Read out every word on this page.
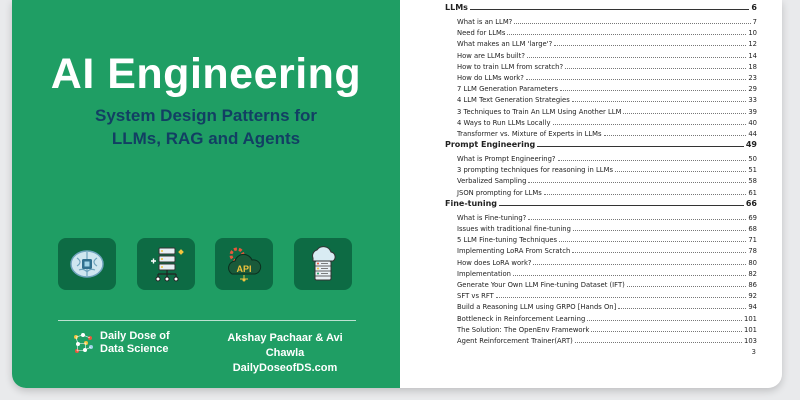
AI Engineering
System Design Patterns for
LLMs, RAG and Agents
API
Daily Dose of
Data Science
Akshay Pachaar & Avi Chawla
DailyDoseofDS.com
LLMs	6
What is an LLM?	7
Need for LLMs	10
What makes an LLM 'large'?	12
How are LLMs built?	14
How to train LLM from scratch?	18
How do LLMs work?	23
7 LLM Generation Parameters	29
4 LLM Text Generation Strategies	33
3 Techniques to Train An LLM Using Another LLM	39
4 Ways to Run LLMs Locally	40
Transformer vs. Mixture of Experts in LLMs	44
Prompt Engineering	49
What is Prompt Engineering?	50
3 prompting techniques for reasoning in LLMs	51
Verbalized Sampling	58
JSON prompting for LLMs	61
Fine-tuning	66
What is Fine-tuning?	69
Issues with traditional fine-tuning	68
5 LLM Fine-tuning Techniques	71
Implementing LoRA From Scratch	78
How does LoRA work?	80
Implementation	82
Generate Your Own LLM Fine-tuning Dataset (IFT)	86
SFT vs RFT	92
Build a Reasoning LLM using GRPO [Hands On]	94
Bottleneck in Reinforcement Learning	101
The Solution: The OpenEnv Framework	101
Agent Reinforcement Trainer(ART)	103
3
